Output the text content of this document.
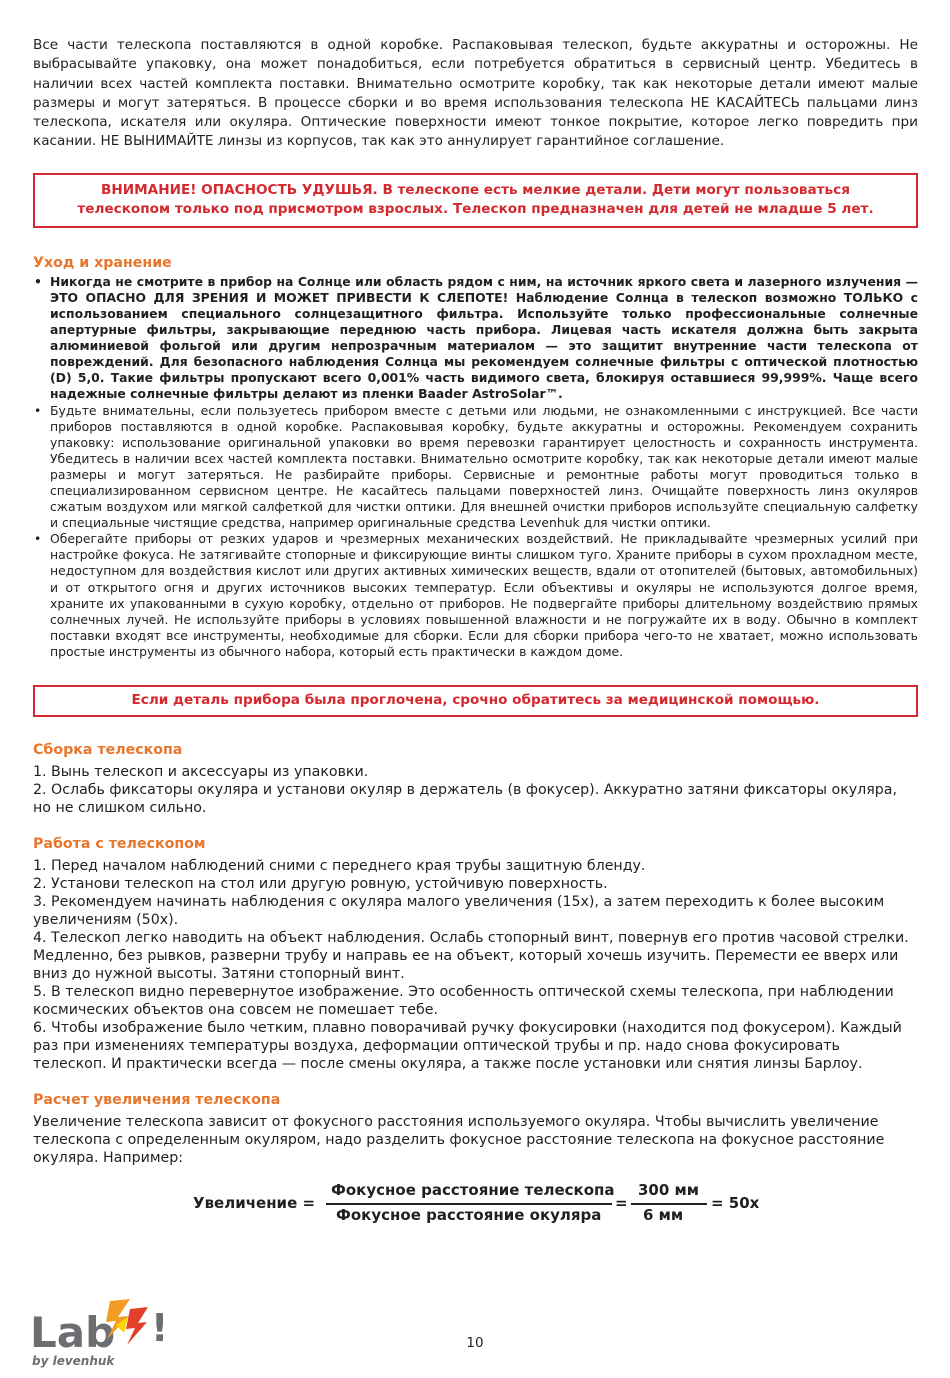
Все части телескопа поставляются в одной коробке. Распаковывая телескоп, будьте аккуратны и осторожны. Не выбрасывайте упаковку, она может понадобиться, если потребуется обратиться в сервисный центр. Убедитесь в наличии всех частей комплекта поставки. Внимательно осмотрите коробку, так как некоторые детали имеют малые размеры и могут затеряться. В процессе сборки и во время использования телескопа НЕ КАСАЙТЕСЬ пальцами линз телескопа, искателя или окуляра. Оптические поверхности имеют тонкое покрытие, которое легко повредить при касании. НЕ ВЫНИМАЙТЕ линзы из корпусов, так как это аннулирует гарантийное соглашение.

ВНИМАНИЕ! ОПАСНОСТЬ УДУШЬЯ. В телескопе есть мелкие детали. Дети могут пользоваться телескопом только под присмотром взрослых. Телескоп предназначен для детей не младше 5 лет.
Уход и хранение
• Никогда не смотрите в прибор на Солнце или область рядом с ним, на источник яркого света и лазерного излучения — ЭТО ОПАСНО ДЛЯ ЗРЕНИЯ И МОЖЕТ ПРИВЕСТИ К СЛЕПОТЕ! Наблюдение Солнца в телескоп возможно ТОЛЬКО с использованием специального солнцезащитного фильтра. Используйте только профессиональные солнечные апертурные фильтры, закрывающие переднюю часть прибора. Лицевая часть искателя должна быть закрыта алюминиевой фольгой или другим непрозрачным материалом — это защитит внутренние части телескопа от повреждений. Для безопасного наблюдения Солнца мы рекомендуем солнечные фильтры с оптической плотностью (D) 5,0. Такие фильтры пропускают всего 0,001% часть видимого света, блокируя оставшиеся 99,999%. Чаще всего надежные солнечные фильтры делают из пленки Baader AstroSolar™.
• Будьте внимательны, если пользуетесь прибором вместе с детьми или людьми, не ознакомленными с инструкцией. Все части приборов поставляются в одной коробке. Распаковывая коробку, будьте аккуратны и осторожны. Рекомендуем сохранить упаковку: использование оригинальной упаковки во время перевозки гарантирует целостность и сохранность инструмента. Убедитесь в наличии всех частей комплекта поставки. Внимательно осмотрите коробку, так как некоторые детали имеют малые размеры и могут затеряться. Не разбирайте приборы. Сервисные и ремонтные работы могут проводиться только в специализированном сервисном центре. Не касайтесь пальцами поверхностей линз. Очищайте поверхность линз окуляров сжатым воздухом или мягкой салфеткой для чистки оптики. Для внешней очистки приборов используйте специальную салфетку и специальные чистящие средства, например оригинальные средства Levenhuk для чистки оптики.
• Оберегайте приборы от резких ударов и чрезмерных механических воздействий. Не прикладывайте чрезмерных усилий при настройке фокуса. Не затягивайте стопорные и фиксирующие винты слишком туго. Храните приборы в сухом прохладном месте, недоступном для воздействия кислот или других активных химических веществ, вдали от отопителей (бытовых, автомобильных) и от открытого огня и других источников высоких температур. Если объективы и окуляры не используются долгое время, храните их упакованными в сухую коробку, отдельно от приборов. Не подвергайте приборы длительному воздействию прямых солнечных лучей. Не используйте приборы в условиях повышенной влажности и не погружайте их в воду. Обычно в комплект поставки входят все инструменты, необходимые для сборки. Если для сборки прибора чего-то не хватает, можно использовать простые инструменты из обычного набора, который есть практически в каждом доме.
Если деталь прибора была проглочена, срочно обратитесь за медицинской помощью.
Сборка телескопа

1. Вынь телескоп и аксессуары из упаковки.

2. Ослабь фиксаторы окуляра и установи окуляр в держатель (в фокусер). Аккуратно затяни фиксаторы окуляра, но не слишком сильно.

Работа с телескопом

1. Перед началом наблюдений сними с переднего края трубы защитную бленду.

2. Установи телескоп на стол или другую ровную, устойчивую поверхность.

3. Рекомендуем начинать наблюдения с окуляра малого увеличения (15x), а затем переходить к более высоким увеличениям (50x).

4. Телескоп легко наводить на объект наблюдения. Ослабь стопорный винт, повернув его против часовой стрелки. Медленно, без рывков, разверни трубу и направь ее на объект, который хочешь изучить. Перемести ее вверх или вниз до нужной высоты. Затяни стопорный винт.

5. В телескоп видно перевернутое изображение. Это особенность оптической схемы телескопа, при наблюдении космических объектов она совсем не помешает тебе.

6. Чтобы изображение было четким, плавно поворачивай ручку фокусировки (находится под фокусером). Каждый раз при изменениях температуры воздуха, деформации оптической трубы и пр. надо снова фокусировать телескоп. И практически всегда — после смены окуляра, а также после установки или снятия линзы Барлоу.

Расчет увеличения телескопа

Увеличение телескопа зависит от фокусного расстояния используемого окуляра. Чтобы вычислить увеличение телескопа с определенным окуляром, надо разделить фокусное расстояние телескопа на фокусное расстояние окуляра. Например:

Увеличение =
Фокусное расстояние телескопа
Фокусное расстояние окуляра
=
300 мм
6 мм
= 50x
Lab !
by levenhuk
10
